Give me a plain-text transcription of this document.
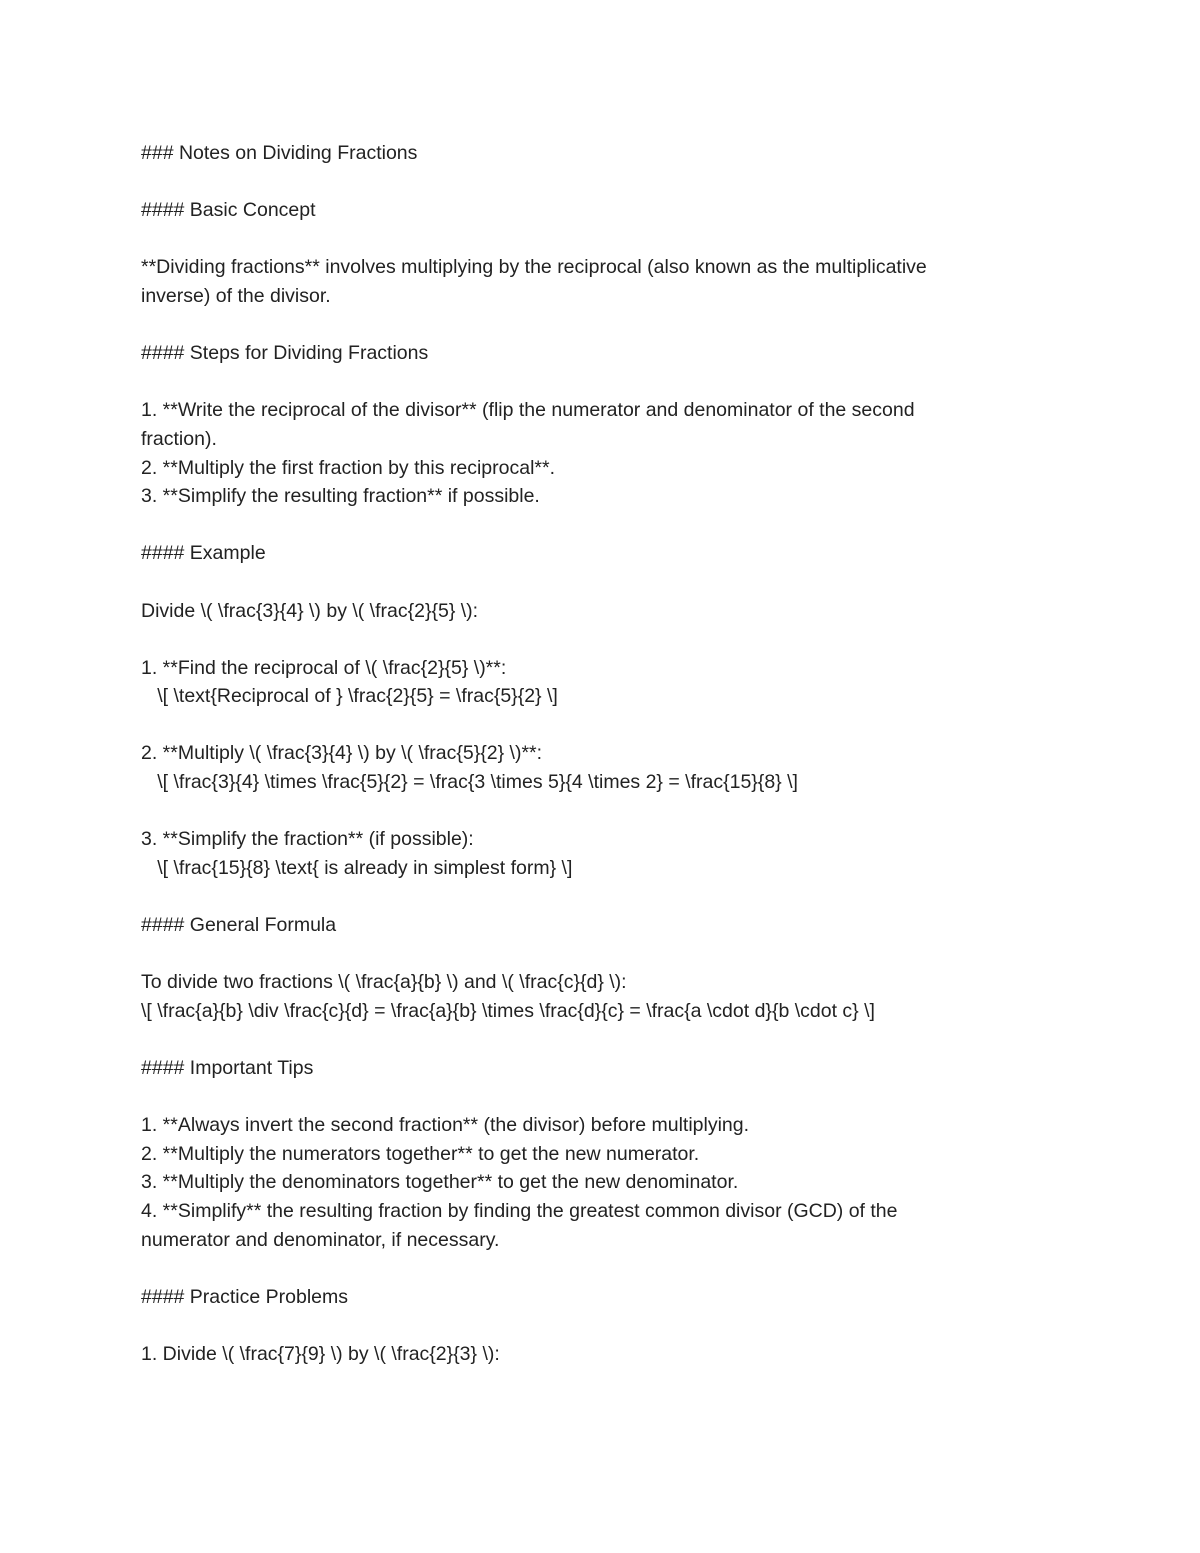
### Notes on Dividing Fractions
#### Basic Concept
**Dividing fractions** involves multiplying by the reciprocal (also known as the multiplicative
inverse) of the divisor.
#### Steps for Dividing Fractions
1. **Write the reciprocal of the divisor** (flip the numerator and denominator of the second
fraction).
2. **Multiply the first fraction by this reciprocal**.
3. **Simplify the resulting fraction** if possible.
#### Example
Divide \( \frac{3}{4} \) by \( \frac{2}{5} \):
1. **Find the reciprocal of \( \frac{2}{5} \)**:
\[ \text{Reciprocal of } \frac{2}{5} = \frac{5}{2} \]
2. **Multiply \( \frac{3}{4} \) by \( \frac{5}{2} \)**:
\[ \frac{3}{4} \times \frac{5}{2} = \frac{3 \times 5}{4 \times 2} = \frac{15}{8} \]
3. **Simplify the fraction** (if possible):
\[ \frac{15}{8} \text{ is already in simplest form} \]
#### General Formula
To divide two fractions \( \frac{a}{b} \) and \( \frac{c}{d} \):
\[ \frac{a}{b} \div \frac{c}{d} = \frac{a}{b} \times \frac{d}{c} = \frac{a \cdot d}{b \cdot c} \]
#### Important Tips
1. **Always invert the second fraction** (the divisor) before multiplying.
2. **Multiply the numerators together** to get the new numerator.
3. **Multiply the denominators together** to get the new denominator.
4. **Simplify** the resulting fraction by finding the greatest common divisor (GCD) of the
numerator and denominator, if necessary.
#### Practice Problems
1. Divide \( \frac{7}{9} \) by \( \frac{2}{3} \):
